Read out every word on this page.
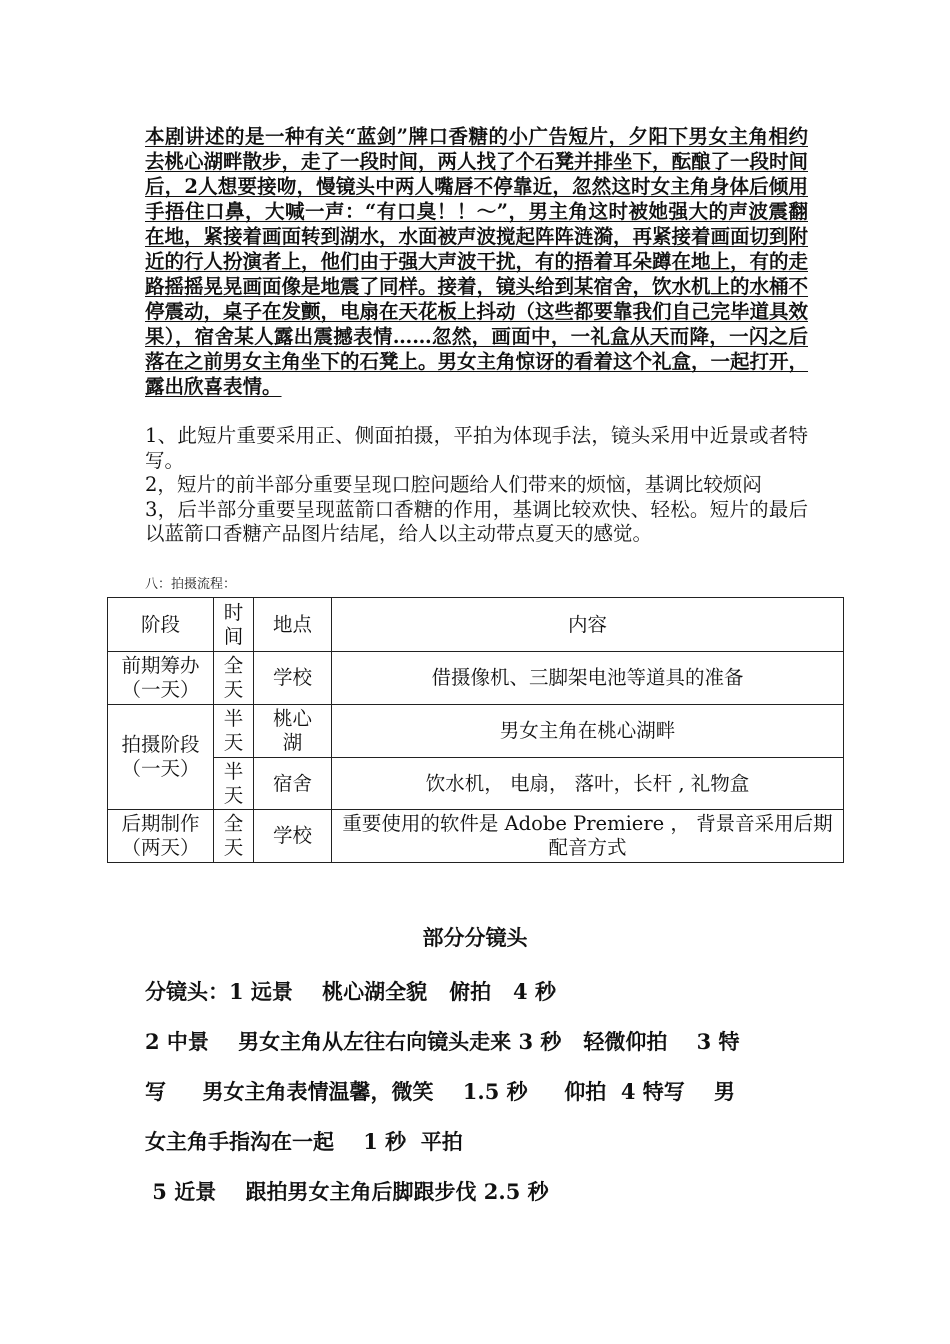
本剧讲述的是一种有关“蓝剑”牌口香糖的小广告短片，夕阳下男女主角相约去桃心湖畔散步，走了一段时间，两人找了个石凳并排坐下，酝酿了一段时间后，2人想要接吻，慢镜头中两人嘴唇不停靠近，忽然这时女主角身体后倾用手捂住口鼻，大喊一声：“有口臭！！～”，男主角这时被她强大的声波震翻在地，紧接着画面转到湖水，水面被声波搅起阵阵涟漪，再紧接着画面切到附近的行人扮演者上，他们由于强大声波干扰，有的捂着耳朵蹲在地上，有的走路摇摇晃晃画面像是地震了同样。接着，镜头给到某宿舍，饮水机上的水桶不停震动，桌子在发颤，电扇在天花板上抖动（这些都要靠我们自己完毕道具效果），宿舍某人露出震撼表情……忽然，画面中，一礼盒从天而降，一闪之后落在之前男女主角坐下的石凳上。男女主角惊讶的看着这个礼盒，一起打开，露出欣喜表情。

1、此短片重要采用正、侧面拍摄，平拍为体现手法，镜头采用中近景或者特写。

2，短片的前半部分重要呈现口腔问题给人们带来的烦恼，基调比较烦闷

3，后半部分重要呈现蓝箭口香糖的作用，基调比较欢快、轻松。短片的最后以蓝箭口香糖产品图片结尾，给人以主动带点夏天的感觉。

八：拍摄流程：

阶段	时间	地点	内容

前期筹办（一天）	全天	学校	借摄像机、三脚架电池等道具的准备

拍摄阶段（一天）	半天	桃心湖	男女主角在桃心湖畔

	半天	宿舍	饮水机， 电扇， 落叶，长杆 , 礼物盒

后期制作（两天）	全天	学校	重要使用的软件是 Adobe Premiere ， 背景音采用后期配音方式

部分分镜头

分镜头：1 远景    桃心湖全貌   俯拍   4 秒

2 中景    男女主角从左往右向镜头走来 3 秒   轻微仰拍    3 特

写     男女主角表情温馨，微笑    1.5 秒     仰拍  4 特写    男

女主角手指沟在一起    1 秒  平拍

5 近景    跟拍男女主角后脚跟步伐 2.5 秒
